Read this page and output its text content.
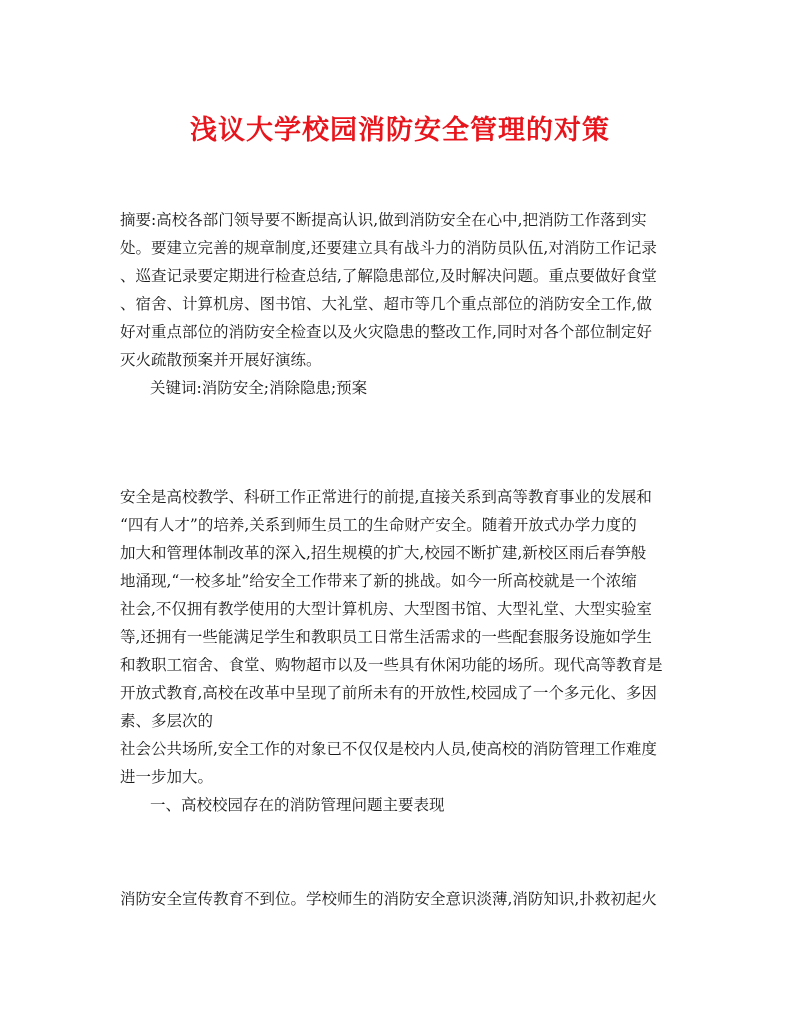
浅议大学校园消防安全管理的对策
摘要:高校各部门领导要不断提高认识,做到消防安全在心中,把消防工作落到实
处。要建立完善的规章制度,还要建立具有战斗力的消防员队伍,对消防工作记录
、巡查记录要定期进行检查总结,了解隐患部位,及时解决问题。重点要做好食堂
、宿舍、计算机房、图书馆、大礼堂、超市等几个重点部位的消防安全工作,做
好对重点部位的消防安全检查以及火灾隐患的整改工作,同时对各个部位制定好
灭火疏散预案并开展好演练。
关键词:消防安全;消除隐患;预案
安全是高校教学、科研工作正常进行的前提,直接关系到高等教育事业的发展和
“四有人才”的培养,关系到师生员工的生命财产安全。随着开放式办学力度的
加大和管理体制改革的深入,招生规模的扩大,校园不断扩建,新校区雨后春笋般
地涌现,“一校多址”给安全工作带来了新的挑战。如今一所高校就是一个浓缩
社会,不仅拥有教学使用的大型计算机房、大型图书馆、大型礼堂、大型实验室
等,还拥有一些能满足学生和教职员工日常生活需求的一些配套服务设施如学生
和教职工宿舍、食堂、购物超市以及一些具有休闲功能的场所。现代高等教育是
开放式教育,高校在改革中呈现了前所未有的开放性,校园成了一个多元化、多因
素、多层次的
社会公共场所,安全工作的对象已不仅仅是校内人员,使高校的消防管理工作难度
进一步加大。
一、高校校园存在的消防管理问题主要表现
消防安全宣传教育不到位。学校师生的消防安全意识淡薄,消防知识,扑救初起火
